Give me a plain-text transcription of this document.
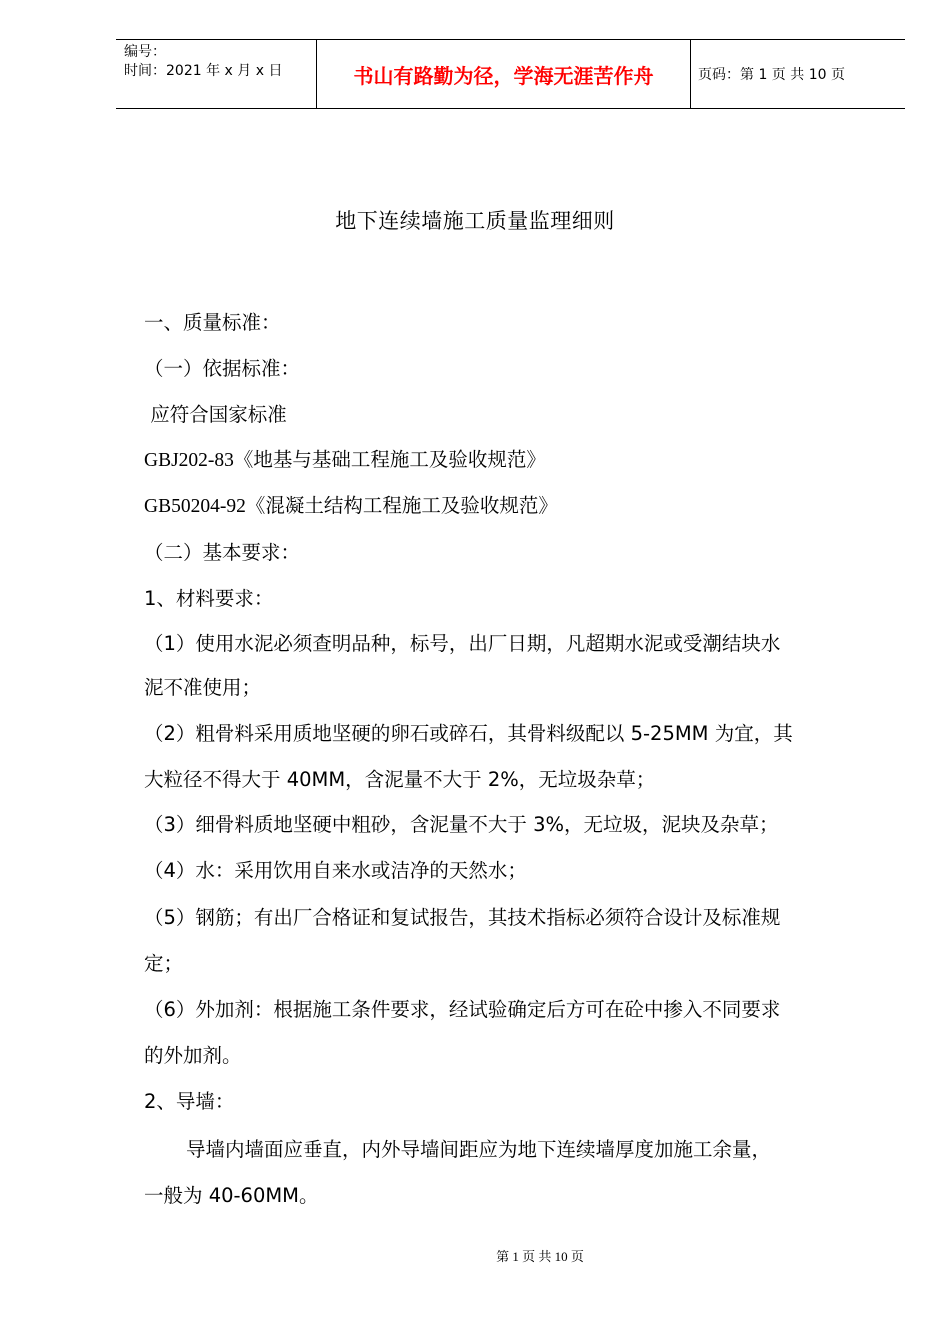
编号：
时间：2021 年 x 月 x 日	书山有路勤为径，学海无涯苦作舟	页码：第 1 页 共 10 页
地下连续墙施工质量监理细则

一、质量标准：

（一）依据标准：

应符合国家标准

GBJ202-83《地基与基础工程施工及验收规范》

GB50204-92《混凝土结构工程施工及验收规范》

（二）基本要求：

1、材料要求：

（1）使用水泥必须查明品种，标号，出厂日期，凡超期水泥或受潮结块水

泥不准使用；

（2）粗骨料采用质地坚硬的卵石或碎石，其骨料级配以 5-25MM 为宜，其

大粒径不得大于 40MM，含泥量不大于 2%，无垃圾杂草；

（3）细骨料质地坚硬中粗砂，含泥量不大于 3%，无垃圾，泥块及杂草；

（4）水：采用饮用自来水或洁净的天然水；

（5）钢筋；有出厂合格证和复试报告，其技术指标必须符合设计及标准规

定；

（6）外加剂：根据施工条件要求，经试验确定后方可在砼中掺入不同要求

的外加剂。

2、导墙：

导墙内墙面应垂直，内外导墙间距应为地下连续墙厚度加施工余量，

一般为 40-60MM。

第 1 页 共 10 页
